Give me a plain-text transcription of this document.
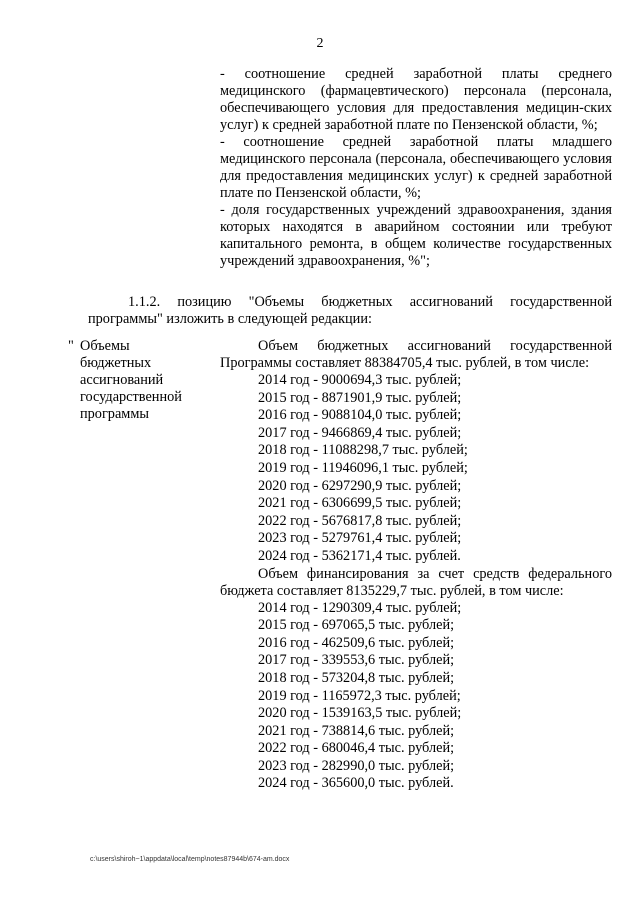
2
- соотношение средней заработной платы среднего медицинского (фармацевтического) персонала (персонала, обеспечивающего условия для предоставления медицин-ских услуг) к средней заработной плате по Пензенской области, %;
- соотношение средней заработной платы младшего медицинского персонала (персонала, обеспечивающего условия для предоставления медицинских услуг) к средней заработной плате по Пензенской области, %;
- доля государственных учреждений здравоохранения, здания которых находятся в аварийном состоянии или требуют капитального ремонта, в общем количестве государственных учреждений здравоохранения, %";
1.1.2. позицию "Объемы бюджетных ассигнований государственной программы" изложить в следующей редакции:
" Объемы
бюджетных
ассигнований
государственной
программы
Объем бюджетных ассигнований государственной Программы составляет 88384705,4 тыс. рублей, в том числе:
2014 год - 9000694,3 тыс. рублей;
2015 год - 8871901,9 тыс. рублей;
2016 год - 9088104,0 тыс. рублей;
2017 год - 9466869,4 тыс. рублей;
2018 год - 11088298,7 тыс. рублей;
2019 год - 11946096,1 тыс. рублей;
2020 год - 6297290,9 тыс. рублей;
2021 год - 6306699,5 тыс. рублей;
2022 год - 5676817,8 тыс. рублей;
2023 год - 5279761,4 тыс. рублей;
2024 год - 5362171,4 тыс. рублей.
Объем финансирования за счет средств федерального бюджета составляет 8135229,7 тыс. рублей, в том числе:
2014 год - 1290309,4 тыс. рублей;
2015 год - 697065,5 тыс. рублей;
2016 год - 462509,6 тыс. рублей;
2017 год - 339553,6 тыс. рублей;
2018 год - 573204,8 тыс. рублей;
2019 год - 1165972,3 тыс. рублей;
2020 год - 1539163,5 тыс. рублей;
2021 год - 738814,6 тыс. рублей;
2022 год - 680046,4 тыс. рублей;
2023 год - 282990,0 тыс. рублей;
2024 год - 365600,0 тыс. рублей.
c:\users\shiroh~1\appdata\local\temp\notes87944b\674-am.docx
